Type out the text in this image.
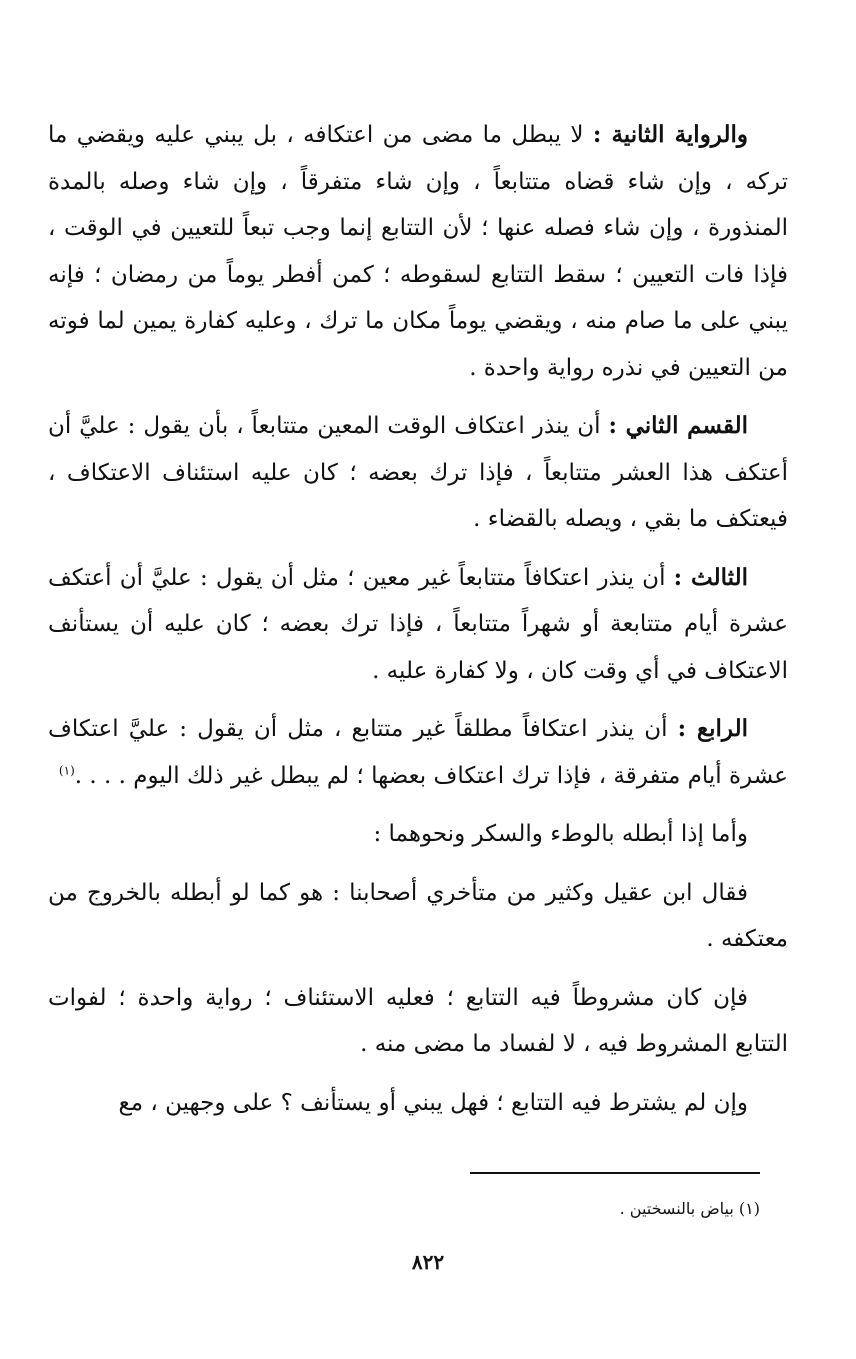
والرواية الثانية : لا يبطل ما مضى من اعتكافه ، بل يبني عليه ويقضي ما تركه ، وإن شاء قضاه متتابعاً ، وإن شاء متفرقاً ، وإن شاء وصله بالمدة المنذورة ، وإن شاء فصله عنها ؛ لأن التتابع إنما وجب تبعاً للتعيين في الوقت ، فإذا فات التعيين ؛ سقط التتابع لسقوطه ؛ كمن أفطر يوماً من رمضان ؛ فإنه يبني على ما صام منه ، ويقضي يوماً مكان ما ترك ، وعليه كفارة يمين لما فوته من التعيين في نذره رواية واحدة .

القسم الثاني : أن ينذر اعتكاف الوقت المعين متتابعاً ، بأن يقول : عليَّ أن أعتكف هذا العشر متتابعاً ، فإذا ترك بعضه ؛ كان عليه استئناف الاعتكاف ، فيعتكف ما بقي ، ويصله بالقضاء .

الثالث : أن ينذر اعتكافاً متتابعاً غير معين ؛ مثل أن يقول : عليَّ أن أعتكف عشرة أيام متتابعة أو شهراً متتابعاً ، فإذا ترك بعضه ؛ كان عليه أن يستأنف الاعتكاف في أي وقت كان ، ولا كفارة عليه .

الرابع : أن ينذر اعتكافاً مطلقاً غير متتابع ، مثل أن يقول : عليَّ اعتكاف عشرة أيام متفرقة ، فإذا ترك اعتكاف بعضها ؛ لم يبطل غير ذلك اليوم . . . .$^{(١)}$

وأما إذا أبطله بالوطء والسكر ونحوهما :

فقال ابن عقيل وكثير من متأخري أصحابنا : هو كما لو أبطله بالخروج من معتكفه .

فإن كان مشروطاً فيه التتابع ؛ فعليه الاستئناف ؛ رواية واحدة ؛ لفوات التتابع المشروط فيه ، لا لفساد ما مضى منه .

وإن لم يشترط فيه التتابع ؛ فهل يبني أو يستأنف ؟ على وجهين ، مع

(١) بياض بالنسختين .
٨٢٢
